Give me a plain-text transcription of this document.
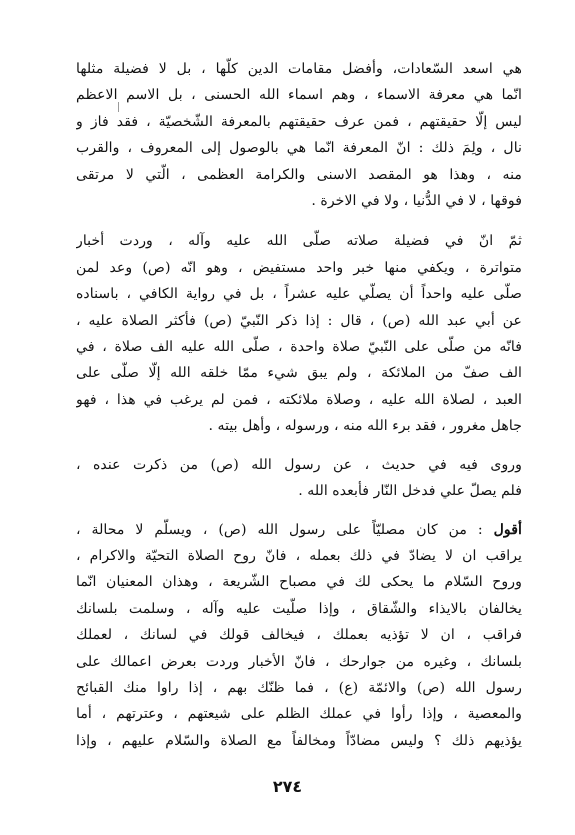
هي اسعد السّعادات، وأفضل مقامات الدين كلّها ، بل لا فضيلة مثلها
انّما هي معرفة الاسماء ، وهم اسماء الله الحسنى ، بل الاسم الاعظم
ليس إلّا حقيقتهم ، فمن عرف حقيقتهم بالمعرفة الشّخصيّة ، فقد فاز و
نال ، ولِمَ ذلك : انّ المعرفة انّما هي بالوصول إلى المعروف ، والقرب
منه ، وهذا هو المقصد الاسنى والكرامة العظمى ، الّتي لا مرتقى
فوقها ، لا في الدُّنيا ، ولا في الاخرة .
ثمّ انّ في فضيلة صلاته صلّى الله عليه وآله ، وردت أخبار
متواترة ، ويكفي منها خبر واحد مستفيض ، وهو انّه (ص) وعد لمن
صلّى عليه واحداً أن يصلّي عليه عشراً ، بل في رواية الكافي ، باسناده
عن أبي عبد الله (ص) ، قال : إذا ذكر النّبيّ (ص) فأكثر الصلاة عليه ،
فانّه من صلّى على النّبيّ صلاة واحدة ، صلّى الله عليه الف صلاة ، في
الف صفّ من الملائكة ، ولم يبق شيء ممّا خلقه الله إلّا صلّى على
العبد ، لصلاة الله عليه ، وصلاة ملائكته ، فمن لم يرغب في هذا ، فهو
جاهل مغرور ، فقد برء الله منه ، ورسوله ، وأهل بيته .
وروى فيه في حديث ، عن رسول الله (ص) من ذكرت عنده ،
فلم يصلّ علي فدخل النّار فأبعده الله .
أقول : من كان مصليّاً على رسول الله (ص) ، ويسلّم لا محالة ،
يراقب ان لا يضادّ في ذلك بعمله ، فانّ روح الصلاة التحيّة والاكرام ،
وروح السّلام ما يحكى لك في مصباح الشّريعة ، وهذان المعنيان انّما
يخالفان بالايذاء والشّقاق ، وإذا صلّيت عليه وآله ، وسلمت بلسانك
فراقب ، ان لا تؤذيه بعملك ، فيخالف قولك في لسانك ، لعملك
بلسانك ، وغيره من جوارحك ، فانّ الأخبار وردت بعرض اعمالك على
رسول الله (ص) والائمّة (ع) ، فما ظنّك بهم ، إذا راوا منك القبائح
والمعصية ، وإذا رأوا في عملك الظلم على شيعتهم ، وعترتهم ، أما
يؤذيهم ذلك ؟ وليس مضادّاً ومخالفاً مع الصلاة والسّلام عليهم ، وإذا
٢٧٤
